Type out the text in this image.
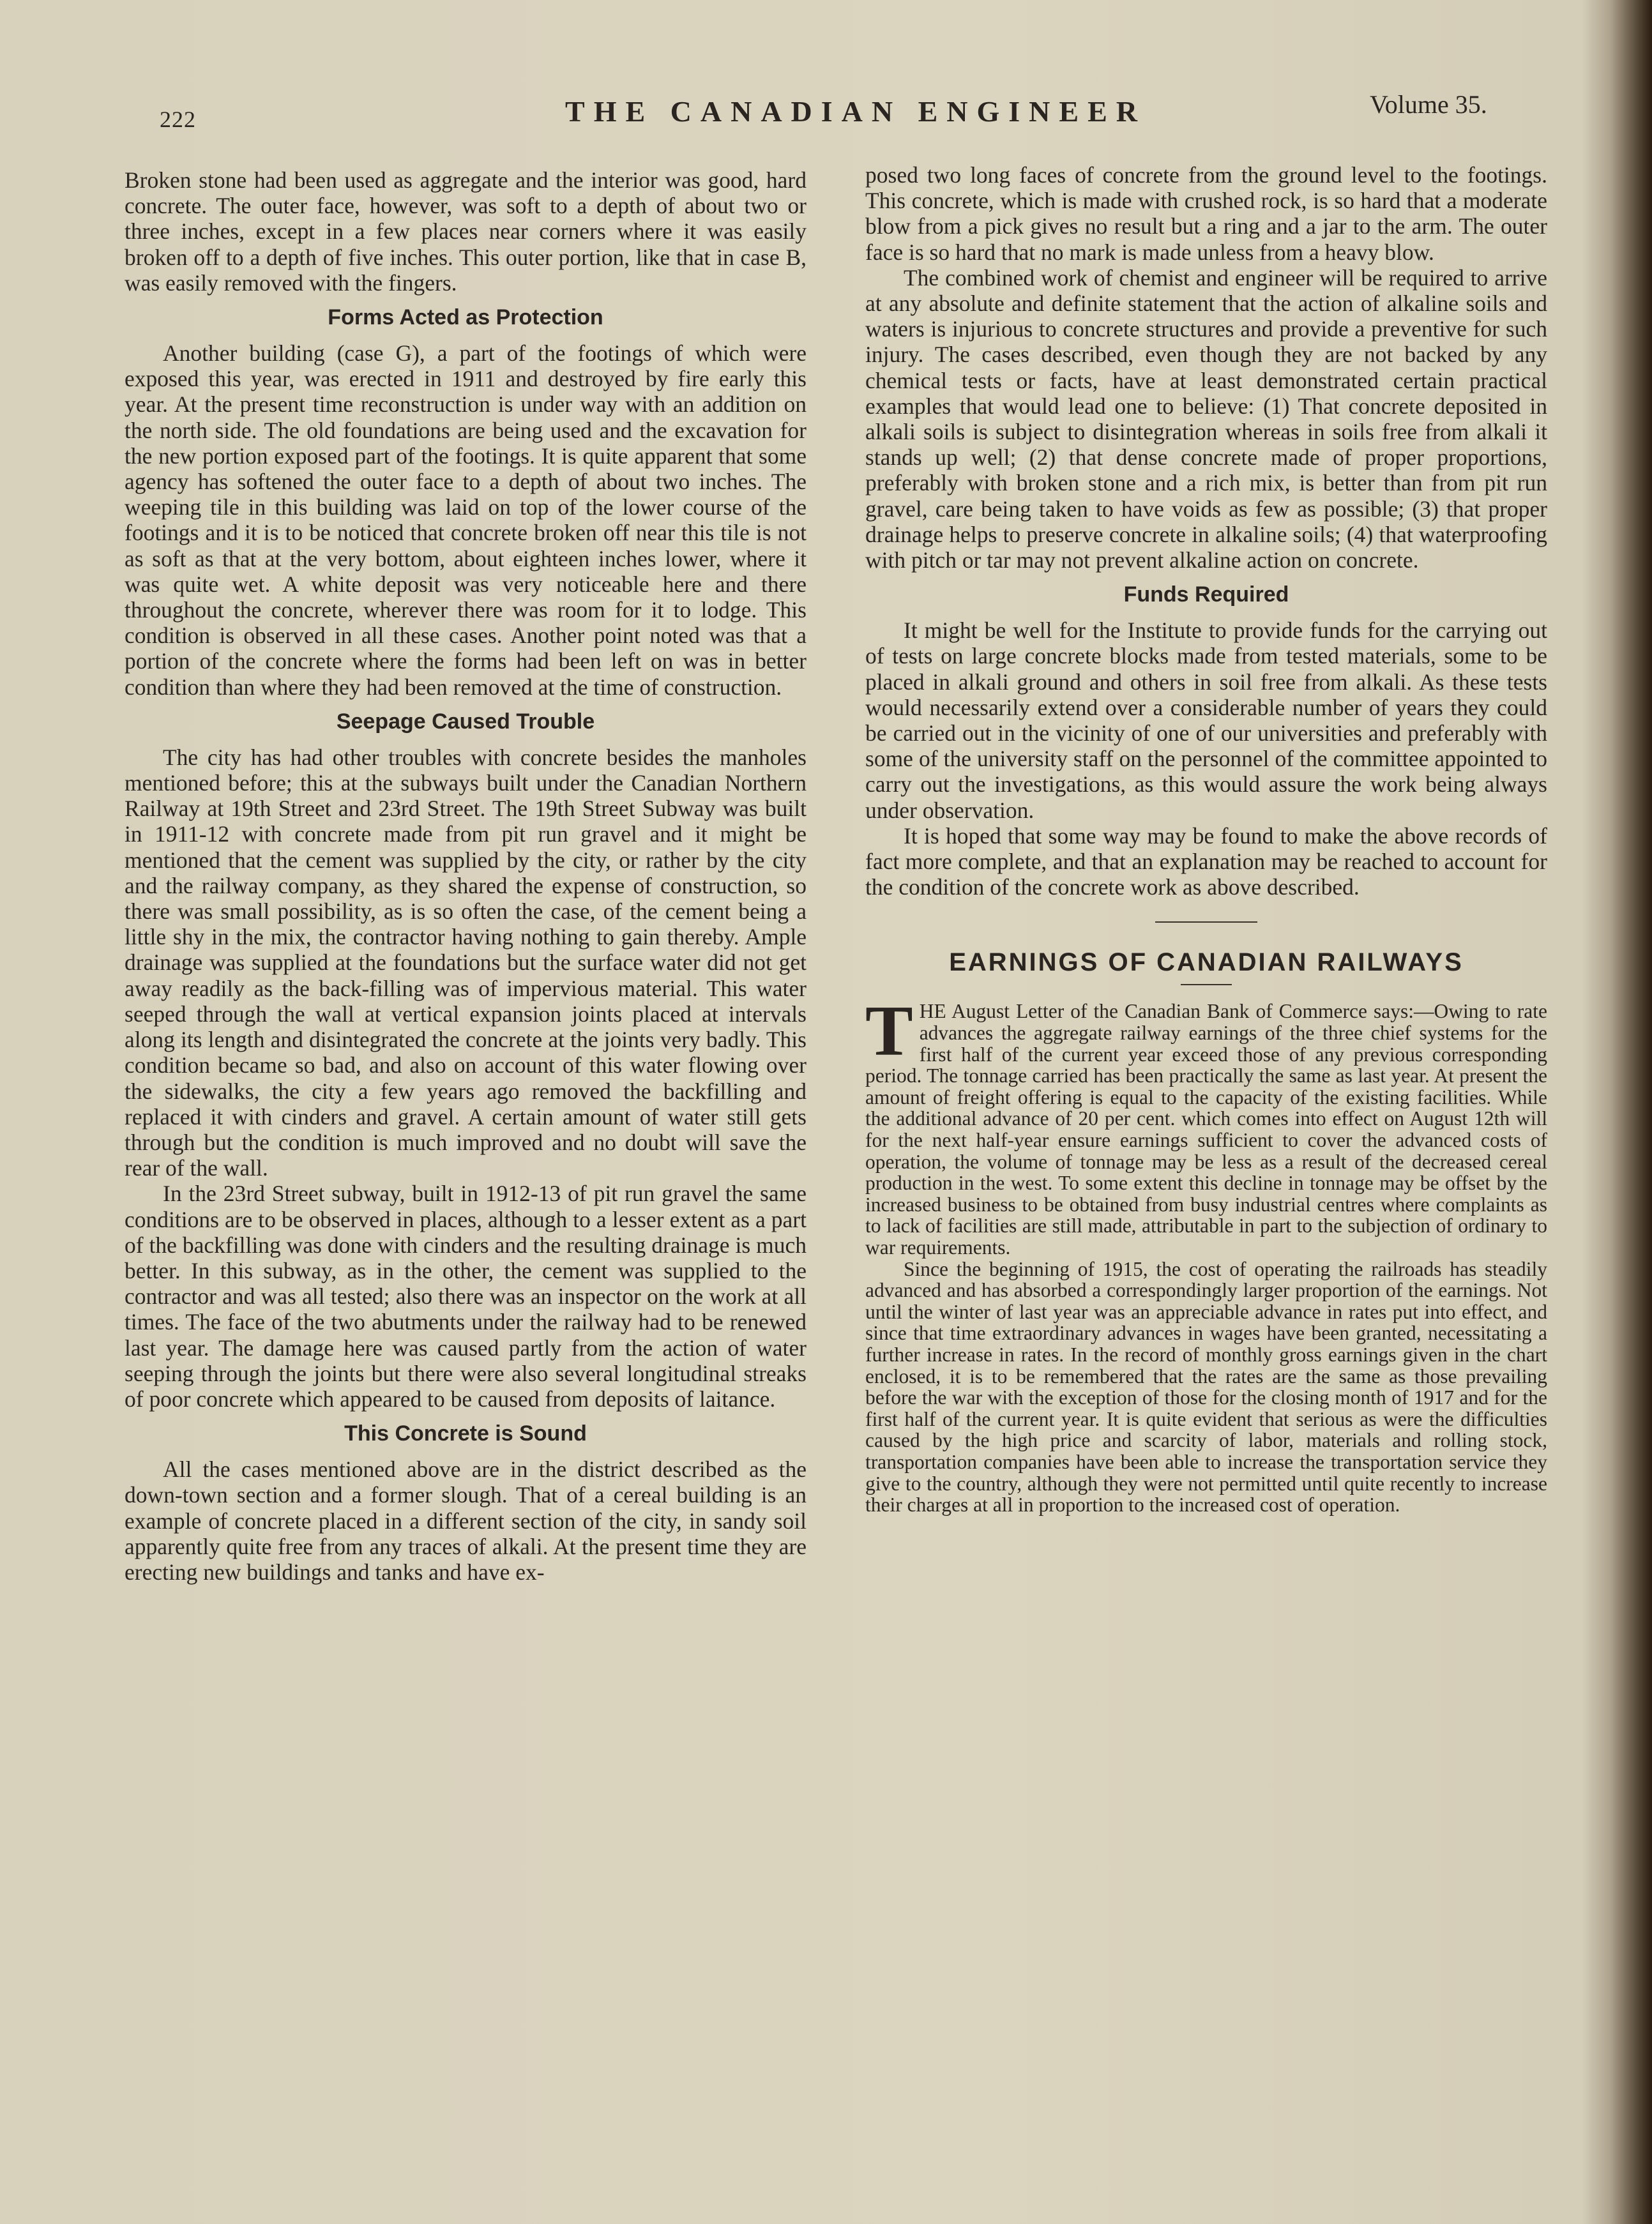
222	THE CANADIAN ENGINEER	Volume 35.

Broken stone had been used as aggregate and the interior was good, hard concrete. The outer face, however, was soft to a depth of about two or three inches, except in a few places near corners where it was easily broken off to a depth of five inches. This outer portion, like that in case B, was easily removed with the fingers.

Forms Acted as Protection

Another building (case G), a part of the footings of which were exposed this year, was erected in 1911 and destroyed by fire early this year. At the present time reconstruction is under way with an addition on the north side. The old foundations are being used and the excavation for the new portion exposed part of the footings. It is quite apparent that some agency has softened the outer face to a depth of about two inches. The weeping tile in this building was laid on top of the lower course of the footings and it is to be noticed that concrete broken off near this tile is not as soft as that at the very bottom, about eighteen inches lower, where it was quite wet. A white deposit was very noticeable here and there throughout the concrete, wherever there was room for it to lodge. This condition is observed in all these cases. Another point noted was that a portion of the concrete where the forms had been left on was in better condition than where they had been removed at the time of construction.

Seepage Caused Trouble

The city has had other troubles with concrete besides the manholes mentioned before; this at the subways built under the Canadian Northern Railway at 19th Street and 23rd Street. The 19th Street Subway was built in 1911-12 with concrete made from pit run gravel and it might be mentioned that the cement was supplied by the city, or rather by the city and the railway company, as they shared the expense of construction, so there was small possibility, as is so often the case, of the cement being a little shy in the mix, the contractor having nothing to gain thereby. Ample drainage was supplied at the foundations but the surface water did not get away readily as the back-filling was of impervious material. This water seeped through the wall at vertical expansion joints placed at intervals along its length and disintegrated the concrete at the joints very badly. This condition became so bad, and also on account of this water flowing over the sidewalks, the city a few years ago removed the backfilling and replaced it with cinders and gravel. A certain amount of water still gets through but the condition is much improved and no doubt will save the rear of the wall.

In the 23rd Street subway, built in 1912-13 of pit run gravel the same conditions are to be observed in places, although to a lesser extent as a part of the backfilling was done with cinders and the resulting drainage is much better. In this subway, as in the other, the cement was supplied to the contractor and was all tested; also there was an inspector on the work at all times. The face of the two abutments under the railway had to be renewed last year. The damage here was caused partly from the action of water seeping through the joints but there were also several longitudinal streaks of poor concrete which appeared to be caused from deposits of laitance.

This Concrete is Sound

All the cases mentioned above are in the district described as the down-town section and a former slough. That of a cereal building is an example of concrete placed in a different section of the city, in sandy soil apparently quite free from any traces of alkali. At the present time they are erecting new buildings and tanks and have ex-

posed two long faces of concrete from the ground level to the footings. This concrete, which is made with crushed rock, is so hard that a moderate blow from a pick gives no result but a ring and a jar to the arm. The outer face is so hard that no mark is made unless from a heavy blow.

The combined work of chemist and engineer will be required to arrive at any absolute and definite statement that the action of alkaline soils and waters is injurious to concrete structures and provide a preventive for such injury. The cases described, even though they are not backed by any chemical tests or facts, have at least demonstrated certain practical examples that would lead one to believe: (1) That concrete deposited in alkali soils is subject to disintegration whereas in soils free from alkali it stands up well; (2) that dense concrete made of proper proportions, preferably with broken stone and a rich mix, is better than from pit run gravel, care being taken to have voids as few as possible; (3) that proper drainage helps to preserve concrete in alkaline soils; (4) that waterproofing with pitch or tar may not prevent alkaline action on concrete.

Funds Required

It might be well for the Institute to provide funds for the carrying out of tests on large concrete blocks made from tested materials, some to be placed in alkali ground and others in soil free from alkali. As these tests would necessarily extend over a considerable number of years they could be carried out in the vicinity of one of our universities and preferably with some of the university staff on the personnel of the committee appointed to carry out the investigations, as this would assure the work being always under observation.

It is hoped that some way may be found to make the above records of fact more complete, and that an explanation may be reached to account for the condition of the concrete work as above described.

EARNINGS OF CANADIAN RAILWAYS

THE August Letter of the Canadian Bank of Commerce says:—Owing to rate advances the aggregate railway earnings of the three chief systems for the first half of the current year exceed those of any previous corresponding period. The tonnage carried has been practically the same as last year. At present the amount of freight offering is equal to the capacity of the existing facilities. While the additional advance of 20 per cent. which comes into effect on August 12th will for the next half-year ensure earnings sufficient to cover the advanced costs of operation, the volume of tonnage may be less as a result of the decreased cereal production in the west. To some extent this decline in tonnage may be offset by the increased business to be obtained from busy industrial centres where complaints as to lack of facilities are still made, attributable in part to the subjection of ordinary to war requirements.

Since the beginning of 1915, the cost of operating the railroads has steadily advanced and has absorbed a correspondingly larger proportion of the earnings. Not until the winter of last year was an appreciable advance in rates put into effect, and since that time extraordinary advances in wages have been granted, necessitating a further increase in rates. In the record of monthly gross earnings given in the chart enclosed, it is to be remembered that the rates are the same as those prevailing before the war with the exception of those for the closing month of 1917 and for the first half of the current year. It is quite evident that serious as were the difficulties caused by the high price and scarcity of labor, materials and rolling stock, transportation companies have been able to increase the transportation service they give to the country, although they were not permitted until quite recently to increase their charges at all in proportion to the increased cost of operation.
